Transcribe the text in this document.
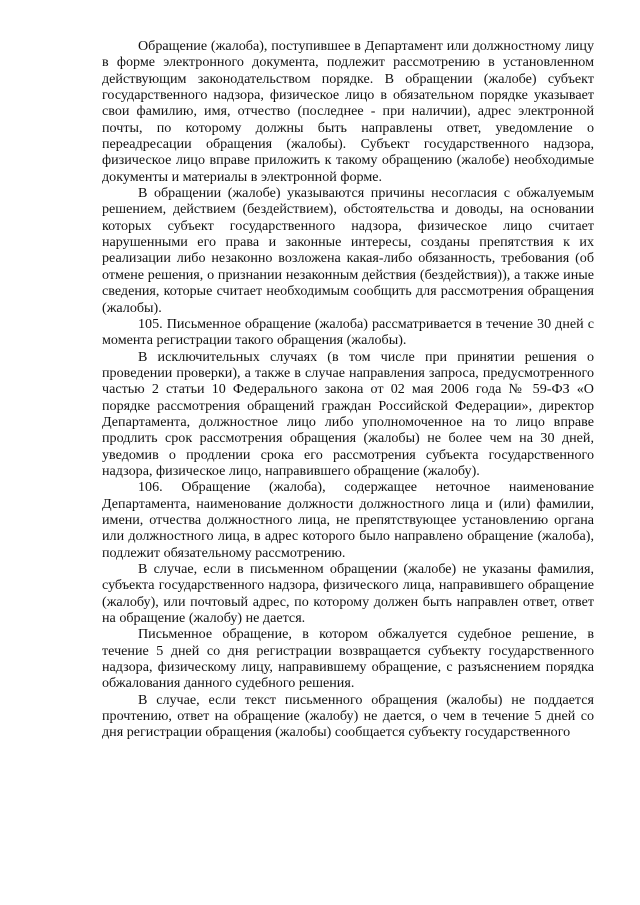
Обращение (жалоба), поступившее в Департамент или должностному лицу в форме электронного документа, подлежит рассмотрению в установленном действующим законодательством порядке. В обращении (жалобе) субъект государственного надзора, физическое лицо в обязательном порядке указывает свои фамилию, имя, отчество (последнее - при наличии), адрес электронной почты, по которому должны быть направлены ответ, уведомление о переадресации обращения (жалобы). Субъект государственного надзора, физическое лицо вправе приложить к такому обращению (жалобе) необходимые документы и материалы в электронной форме.

В обращении (жалобе) указываются причины несогласия с обжалуемым решением, действием (бездействием), обстоятельства и доводы, на основании которых субъект государственного надзора, физическое лицо считает нарушенными его права и законные интересы, созданы препятствия к их реализации либо незаконно возложена какая-либо обязанность, требования (об отмене решения, о признании незаконным действия (бездействия)), а также иные сведения, которые считает необходимым сообщить для рассмотрения обращения (жалобы).

105. Письменное обращение (жалоба) рассматривается в течение 30 дней с момента регистрации такого обращения (жалобы).

В исключительных случаях (в том числе при принятии решения о проведении проверки), а также в случае направления запроса, предусмотренного частью 2 статьи 10 Федерального закона от 02 мая 2006 года № 59-ФЗ «О порядке рассмотрения обращений граждан Российской Федерации», директор Департамента, должностное лицо либо уполномоченное на то лицо вправе продлить срок рассмотрения обращения (жалобы) не более чем на 30 дней, уведомив о продлении срока его рассмотрения субъекта государственного надзора, физическое лицо, направившего обращение (жалобу).

106. Обращение (жалоба), содержащее неточное наименование Департамента, наименование должности должностного лица и (или) фамилии, имени, отчества должностного лица, не препятствующее установлению органа или должностного лица, в адрес которого было направлено обращение (жалоба), подлежит обязательному рассмотрению.

В случае, если в письменном обращении (жалобе) не указаны фамилия, субъекта государственного надзора, физического лица, направившего обращение (жалобу), или почтовый адрес, по которому должен быть направлен ответ, ответ на обращение (жалобу) не дается.

Письменное обращение, в котором обжалуется судебное решение, в течение 5 дней со дня регистрации возвращается субъекту государственного надзора, физическому лицу, направившему обращение, с разъяснением порядка обжалования данного судебного решения.

В случае, если текст письменного обращения (жалобы) не поддается прочтению, ответ на обращение (жалобу) не дается, о чем в течение 5 дней со дня регистрации обращения (жалобы) сообщается субъекту государственного
